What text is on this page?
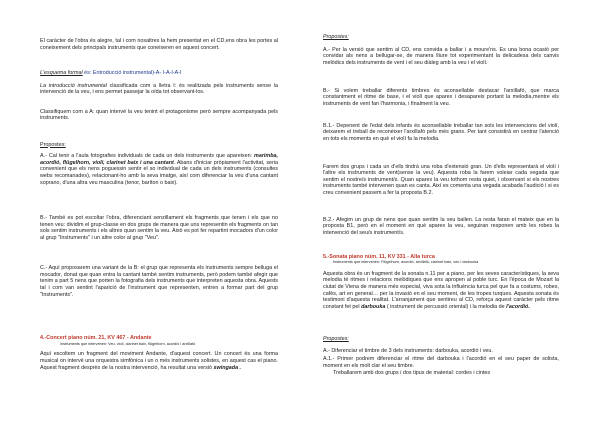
El caràcter de l'obra és alegre, tal i com nosaltres la hem presentat en el CD,ens obra les portes al coneixement dels principals instruments que coneixeren en aquest concert.

L'esquema formal és: Entroducció instrumental)-A- I-A-I-A-I

La introducció instrumental classificada com a lletra I: és realitzada pels instruments sense la intervenció de la veu, i ens permet passejar la oïda tot observant-los.

Classifiquem com a A: quan intervé la veu tenint el protagonisme però sempre acompanyada pels instruments.

Propostes:

A.- Cal tenir a l'aula fotografies individuals de cada un dels instruments que apareixen: marimba, acordió, flügelhorn, violí, clarinet baix i una cantant. Abans d'iniciar pròpiament l'activitat, seria convenient que els nens poguessin sentir el so individual de cada un dels instruments (consultes webs recomanades), relacionant-ho amb la seva imatge, així com diferenciar la veu d'una cantant soprano, d'una altra veu masculina (tenor, baríton o baix).

B.- També es pot escoltar l'obra, diferenciant senzillament els fragments que tenen i els que no tenen veu: dividim el grup-classe en dos grups de manera que uns representin els fragments on tan sols sentim instruments i els altres quan sentim la veu. Això es pot fer repartint mocadors d'un color al grup "Instruments" i un altre color al grup "Veu".

C.- Aquí proposarem una variant de la B: el grup que representa els instruments sempre belluga el mocador, donat que quan entra la cantant també sentim instruments, però podem també afegir que tenim a part 5 nens que porten la fotografia dels instruments que interpreten aquesta obra. Aquests tal i com van sentint l'aparició de l'instrument que representen, entren a formar part del grup "Instruments".

4.-Concert piano núm. 21, KV 467 - Andante

Instruments que intervenen: Veu, violí, clarinet baix, flügelhorn, acordió i arxillafó

Aquí escoltem un fragment del moviment Andante, d'aquest concert. Un concert és una forma musical on intervé una orquestra simfònica i un o més instruments solistes, en aquest cas el piano. Aquest fragment desprès de la nostra intervenció, ha resultat una versió swingada .

Propostes:

A.- Per la versió que sentim al CD, ens convida a ballar i a moure'ns. És una bona ocasió per convidar als nens a bellugar-se, de manera lliure tot experimentant la delicadesa dels canvis melòdics dels instruments de vent i el seu diàleg amb la veu i el violí.

B.- Si volem treballar diferents timbres és aconsellable destacar l'arxillafó, que marca constantment el ritme de base, i el violí que aparex i desapareix portant la melodia,mentre els instruments de vent fan l'harmonia, i finalment la veu.

B.1.- Depenent de l'edat dels infants és aconsellable treballar tan sols les intervencions del violí, deixarem el treball de reconèixer l'arxillafó pels més grans. Per tant consistirà en centrar l'atenció en tots els moments en què el violí fa la melodia.

Farem dos grups i cada un d'ells tindrà una roba d'extensió gran. Un d'ells representarà el violí i l'altre els instruments de vent(sense la veu). Aquesta roba la farem voleiar cada vegada que sentim el nostre/s instrument/s. Quan aparex la veu tothom resta quiet, i observant si els nostres instruments també intervenen quan es canta. Així es comenta una vegada acabada l'audició i si es creu convenient passem a fer la proposta B.2.

B.2.- Afegim un grup de nens que quan sentim la veu ballen. La resta faran el mateix que en la proposta B1, però en el moment en què aparex la veu, seguiran responen amb les robes la intervenció del seu/s instrument/s.

5.-Sonata piano núm. 11, KV 331 - Alla turca

Instruments que intervenen: Flügelhorn, acordió, arxillafó, clarinet baix, veu i darbouka

Aquesta obra és un fragment de la sonata n.11 per a piano, per les seves característiques, la seva melodia té ritmes i relacions melòdiques que ens apropen al poble turc. En l'època de Mozart la ciutat de Viena de manera més especial, viva sota la influència turca pel que fa a costums, robes, cafès, art en general… per la invasió en el seu moment, de les tropes turques. Aquesta sonata és testimoni d'aquesta realitat. L'arranjament que sentireu al CD, reforça aquest caràcter pels ritme constant fet pel darbouka ( instrument de percussió oriental) i la melodia de l'acordió.

Propostes:

A.- Diferenciar el timbre de 3 dels instruments: darbouka, acordió i veu.

A.1.- Primer podrem diferenciar el ritme del darbouka i l'acordió en el seu paper de solista, moment en els molt clar el seu timbre.

Treballarem amb dos grups i dos tipus de material: cordes i cintes
